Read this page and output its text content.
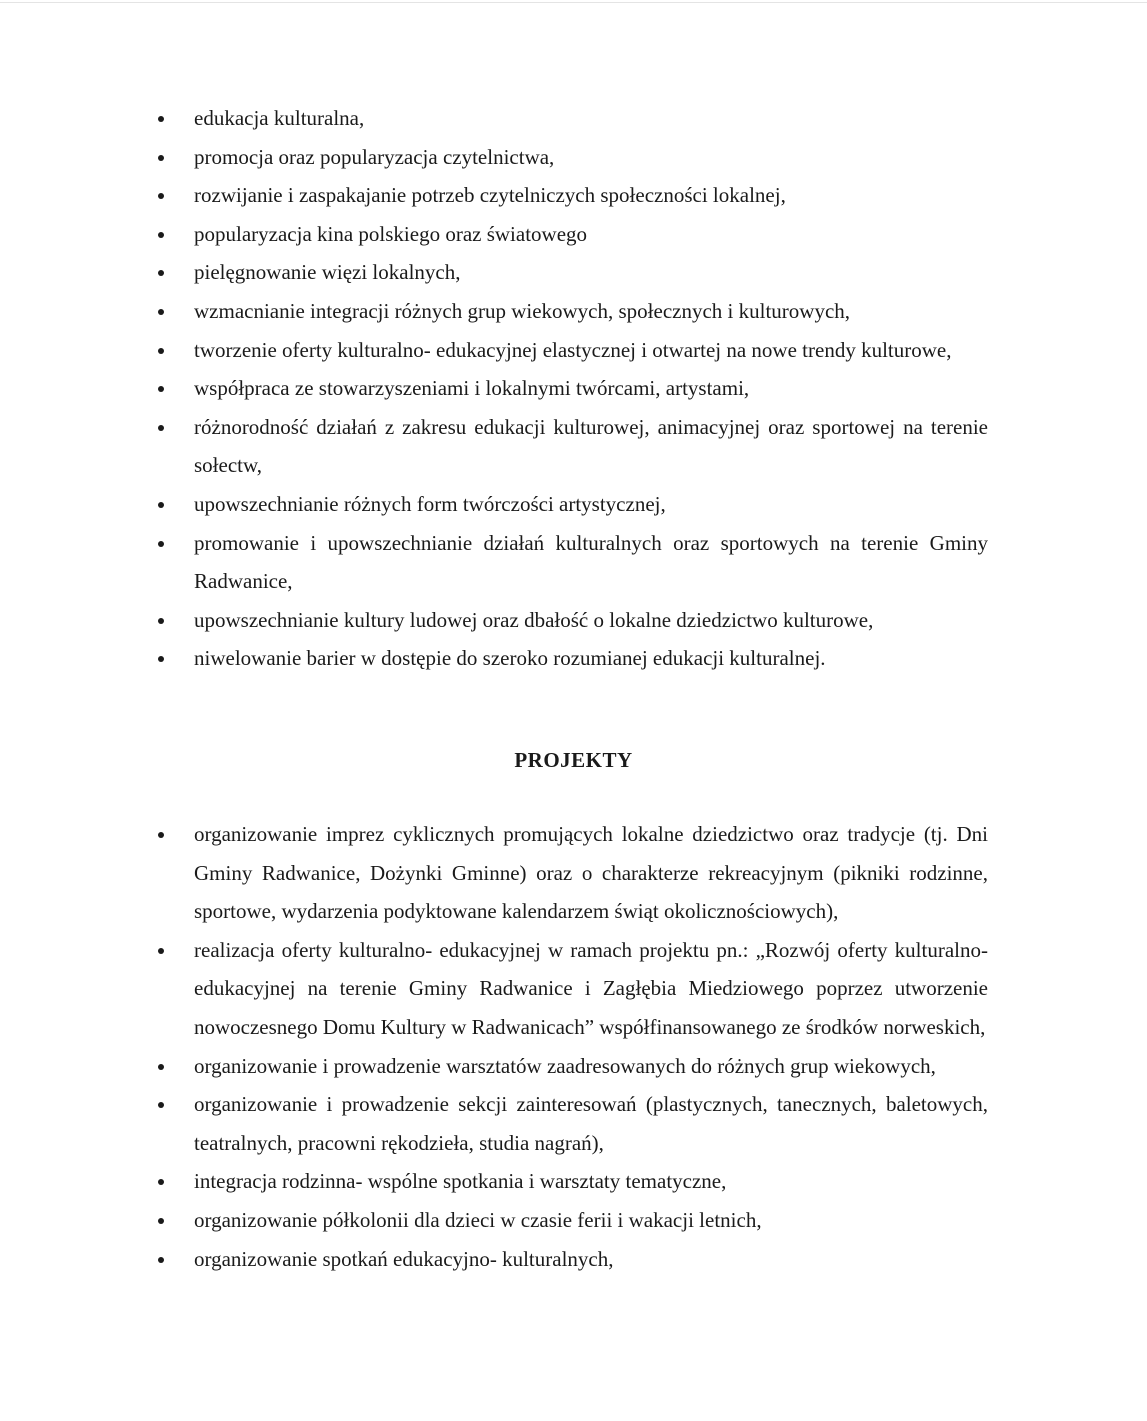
edukacja kulturalna,
promocja oraz popularyzacja czytelnictwa,
rozwijanie i zaspakajanie potrzeb czytelniczych społeczności lokalnej,
popularyzacja kina polskiego oraz światowego
pielęgnowanie więzi lokalnych,
wzmacnianie integracji różnych grup wiekowych, społecznych i kulturowych,
tworzenie oferty kulturalno- edukacyjnej elastycznej i otwartej na nowe trendy kulturowe,
współpraca ze stowarzyszeniami i lokalnymi twórcami, artystami,
różnorodność działań z zakresu edukacji kulturowej, animacyjnej oraz sportowej na terenie sołectw,
upowszechnianie różnych form twórczości artystycznej,
promowanie i upowszechnianie działań kulturalnych oraz sportowych na terenie Gminy Radwanice,
upowszechnianie kultury ludowej oraz dbałość o lokalne dziedzictwo kulturowe,
niwelowanie barier w dostępie do szeroko rozumianej edukacji kulturalnej.
PROJEKTY
organizowanie imprez cyklicznych promujących lokalne dziedzictwo oraz tradycje (tj. Dni Gminy Radwanice, Dożynki Gminne) oraz o charakterze rekreacyjnym (pikniki rodzinne, sportowe, wydarzenia podyktowane kalendarzem świąt okolicznościowych),
realizacja oferty kulturalno- edukacyjnej w ramach projektu pn.: „Rozwój oferty kulturalno- edukacyjnej na terenie Gminy Radwanice i Zagłębia Miedziowego poprzez utworzenie nowoczesnego Domu Kultury w Radwanicach” współfinansowanego ze środków norweskich,
organizowanie i prowadzenie warsztatów zaadresowanych do różnych grup wiekowych,
organizowanie i prowadzenie sekcji zainteresowań (plastycznych, tanecznych, baletowych, teatralnych, pracowni rękodzieła, studia nagrań),
integracja rodzinna- wspólne spotkania i warsztaty tematyczne,
organizowanie półkolonii dla dzieci w czasie ferii i wakacji letnich,
organizowanie spotkań edukacyjno- kulturalnych,
